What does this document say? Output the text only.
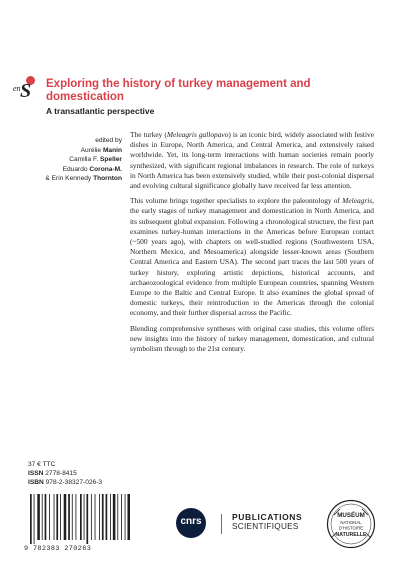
en S Exploring the history of turkey management and domestication
A transatlantic perspective
edited by
Aurélie Manin
Camilla F. Speller
Eduardo Corona-M.
& Erin Kennedy Thornton

The turkey (Meleagris gallopavo) is an iconic bird, widely associated with festive dishes in Europe, North America, and Central America, and extensively raised worldwide. Yet, its long-term interactions with human societies remain poorly synthesized, with significant regional imbalances in research. The role of turkeys in North America has been extensively studied, while their post-colonial dispersal and evolving cultural significance globally have received far less attention.

This volume brings together specialists to explore the paleontology of Meleagris, the early stages of turkey management and domestication in North America, and its subsequent global expansion. Following a chronological structure, the first part examines turkey-human interactions in the Americas before European contact (~500 years ago), with chapters on well-studied regions (Southwestern USA, Northern Mexico, and Mesoamerica) alongside lesser-known areas (Southern Central America and Eastern USA). The second part traces the last 500 years of turkey history, exploring artistic depictions, historical accounts, and archaeozoological evidence from multiple European countries, spanning Western Europe to the Baltic and Central Europe. It also examines the global spread of domestic turkeys, their reintroduction to the Americas through the colonial economy, and their further dispersal across the Pacific.

Blending comprehensive syntheses with original case studies, this volume offers new insights into the history of turkey management, domestication, and cultural symbolism through to the 21st century.

37 € TTC
ISSN 2778-8415
ISBN 978-2-38327-026-3
9 782383 270263
cnrs	PUBLICATIONS
SCIENTIFIQUES
MUSÉUM
NATIONAL
D'HISTOIRE
NATURELLE
